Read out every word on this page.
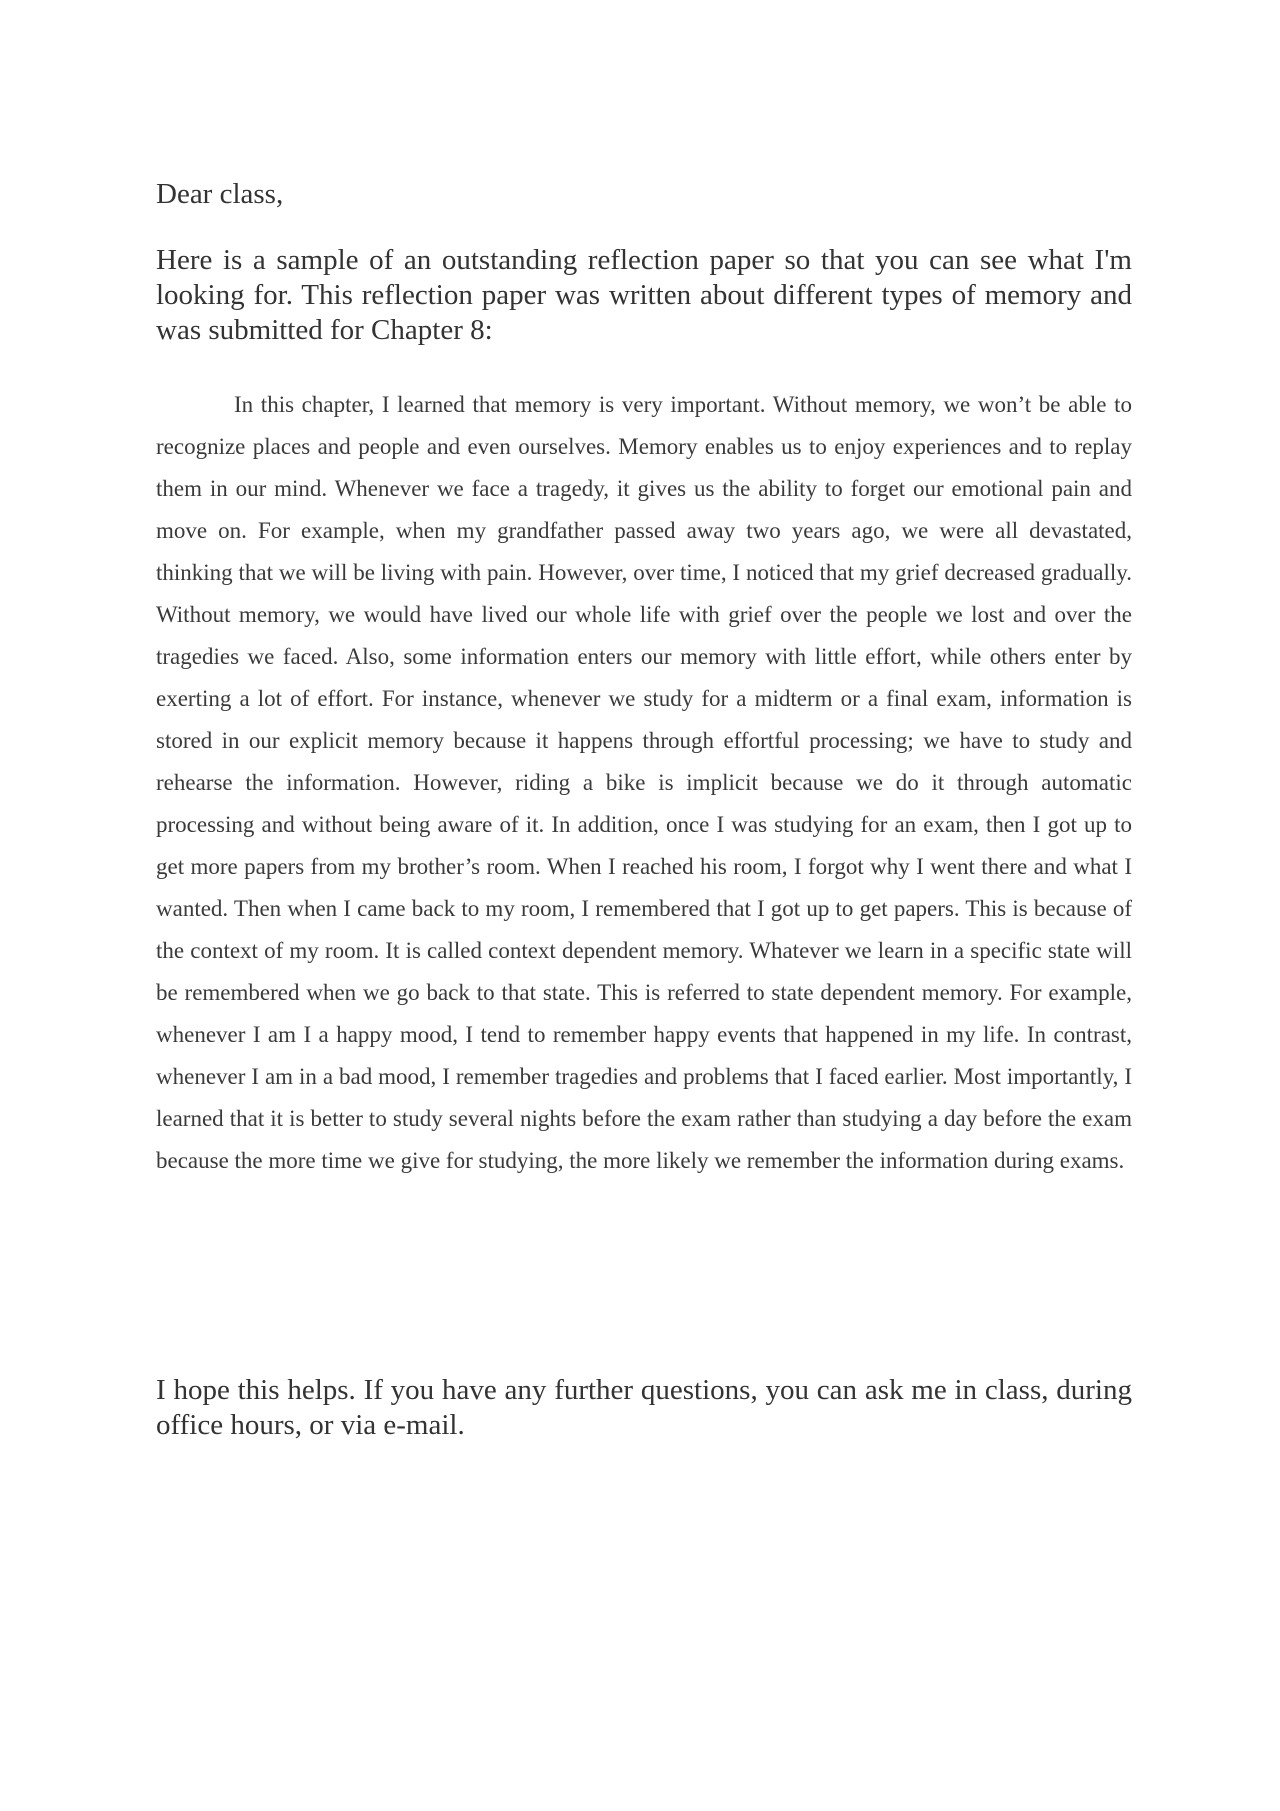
Dear class,

Here is a sample of an outstanding reflection paper so that you can see what I'm looking for. This reflection paper was written about different types of memory and was submitted for Chapter 8:

In this chapter, I learned that memory is very important. Without memory, we won’t be able to recognize places and people and even ourselves. Memory enables us to enjoy experiences and to replay them in our mind. Whenever we face a tragedy, it gives us the ability to forget our emotional pain and move on. For example, when my grandfather passed away two years ago, we were all devastated, thinking that we will be living with pain. However, over time, I noticed that my grief decreased gradually. Without memory, we would have lived our whole life with grief over the people we lost and over the tragedies we faced. Also, some information enters our memory with little effort, while others enter by exerting a lot of effort. For instance, whenever we study for a midterm or a final exam, information is stored in our explicit memory because it happens through effortful processing; we have to study and rehearse the information. However, riding a bike is implicit because we do it through automatic processing and without being aware of it. In addition, once I was studying for an exam, then I got up to get more papers from my brother’s room. When I reached his room, I forgot why I went there and what I wanted. Then when I came back to my room, I remembered that I got up to get papers. This is because of the context of my room. It is called context dependent memory. Whatever we learn in a specific state will be remembered when we go back to that state. This is referred to state dependent memory. For example, whenever I am I a happy mood, I tend to remember happy events that happened in my life. In contrast, whenever I am in a bad mood, I remember tragedies and problems that I faced earlier. Most importantly, I learned that it is better to study several nights before the exam rather than studying a day before the exam because the more time we give for studying, the more likely we remember the information during exams.

I hope this helps. If you have any further questions, you can ask me in class, during office hours, or via e-mail.
